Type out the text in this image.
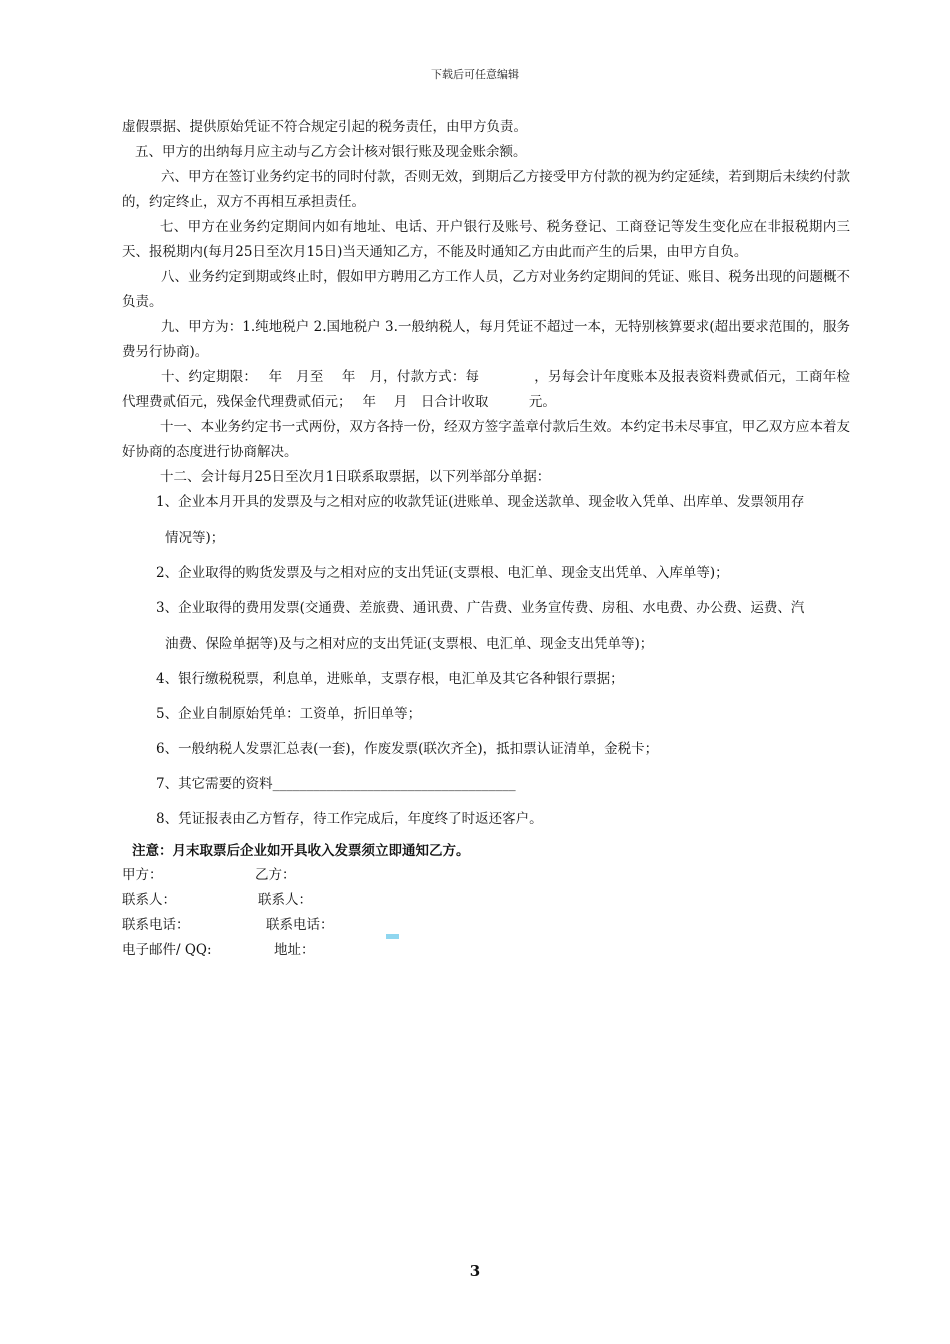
下载后可任意编辑

虚假票据、提供原始凭证不符合规定引起的税务责任，由甲方负责。

五、甲方的出纳每月应主动与乙方会计核对银行账及现金账余额。

六、甲方在签订业务约定书的同时付款，否则无效，到期后乙方接受甲方付款的视为约定延续，若到期后未续约付款的，约定终止，双方不再相互承担责任。

七、甲方在业务约定期间内如有地址、电话、开户银行及账号、税务登记、工商登记等发生变化应在非报税期内三天、报税期内(每月25日至次月15日)当天通知乙方，不能及时通知乙方由此而产生的后果，由甲方自负。

八、业务约定到期或终止时，假如甲方聘用乙方工作人员，乙方对业务约定期间的凭证、账目、税务出现的问题概不负责。

九、甲方为：1.纯地税户 2.国地税户 3.一般纳税人，每月凭证不超过一本，无特别核算要求(超出要求范围的，服务费另行协商)。

十、约定期限：　 年　月至　 年　月，付款方式：每　　　　，另每会计年度账本及报表资料费贰佰元，工商年检代理费贰佰元，残保金代理费贰佰元；　 年　 月　日合计收取　　　元。

十一、本业务约定书一式两份，双方各持一份，经双方签字盖章付款后生效。本约定书未尽事宜，甲乙双方应本着友好协商的态度进行协商解决。

十二、会计每月25日至次月1日联系取票据，以下列举部分单据：

1、企业本月开具的发票及与之相对应的收款凭证(进账单、现金送款单、现金收入凭单、出库单、发票领用存
情况等)；
2、企业取得的购货发票及与之相对应的支出凭证(支票根、电汇单、现金支出凭单、入库单等)；
3、企业取得的费用发票(交通费、差旅费、通讯费、广告费、业务宣传费、房租、水电费、办公费、运费、汽
油费、保险单据等)及与之相对应的支出凭证(支票根、电汇单、现金支出凭单等)；
4、银行缴税税票，利息单，进账单，支票存根，电汇单及其它各种银行票据；
5、企业自制原始凭单：工资单，折旧单等；
6、一般纳税人发票汇总表(一套)，作废发票(联次齐全)，抵扣票认证清单，金税卡；
7、其它需要的资料____________________________________
8、凭证报表由乙方暂存，待工作完成后，年度终了时返还客户。
注意：月末取票后企业如开具收入发票须立即通知乙方。
甲方：	乙方：
联系人：	联系人：
联系电话：	联系电话：
电子邮件/ QQ:	地址：
3
